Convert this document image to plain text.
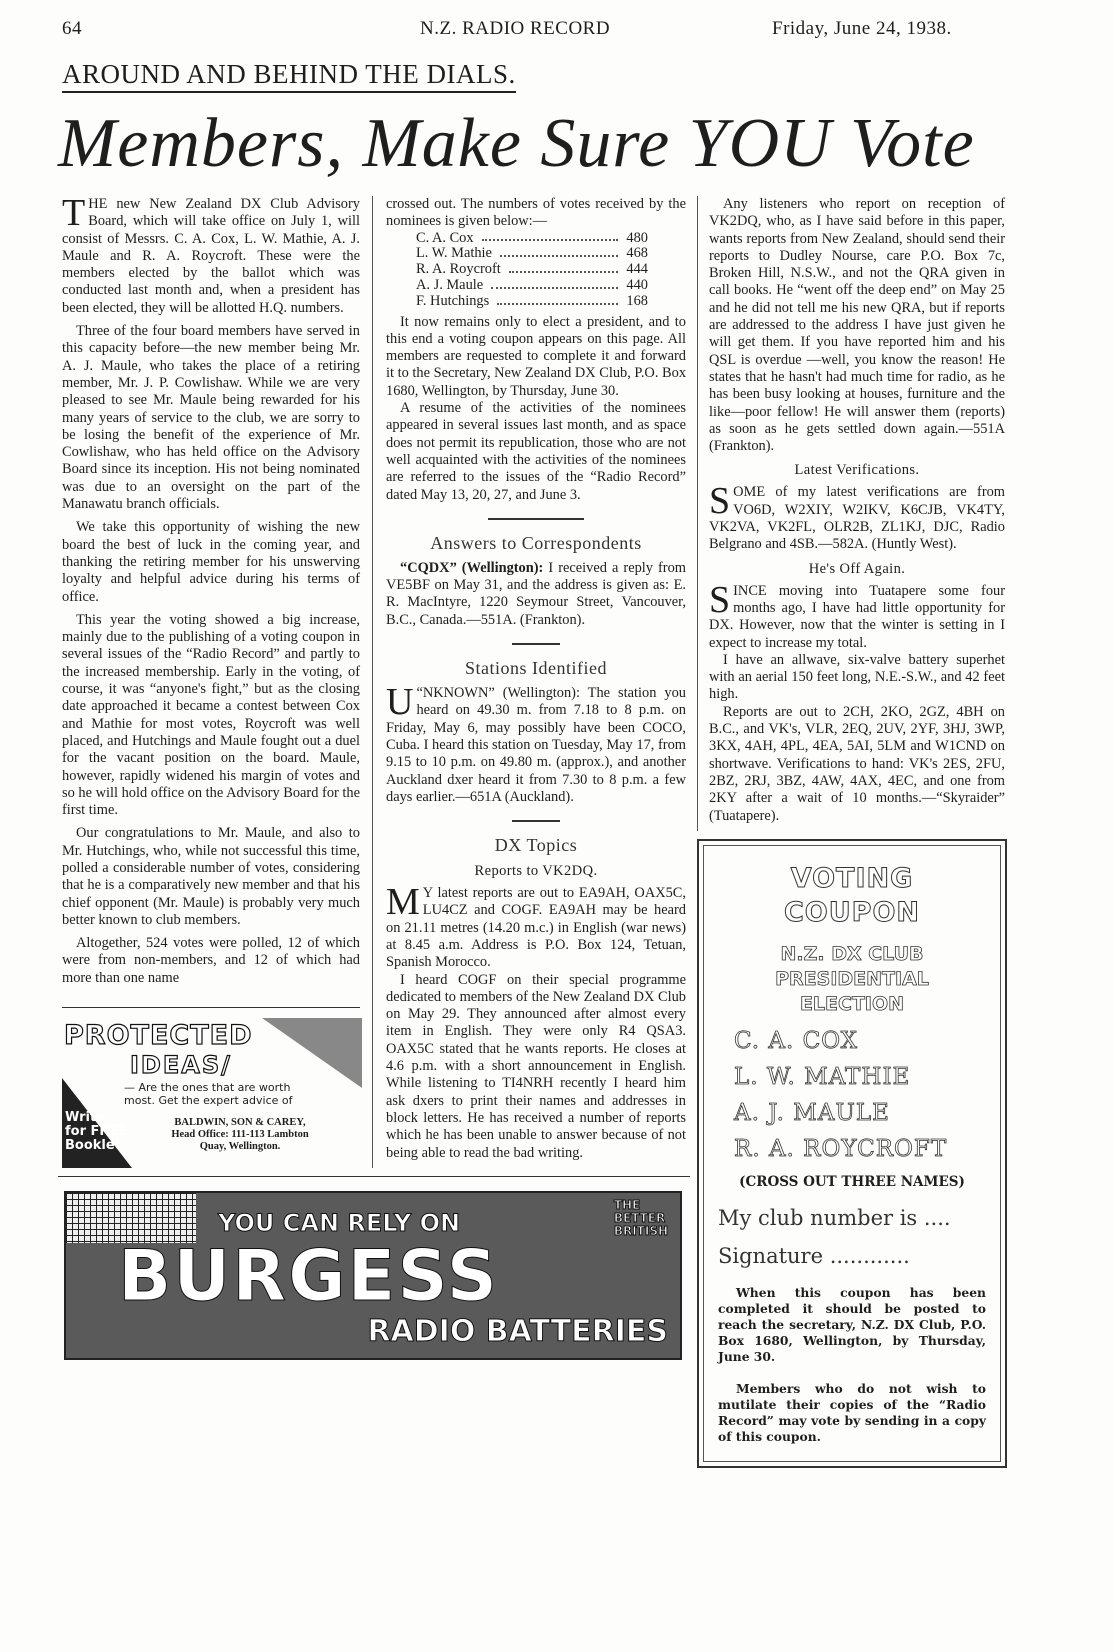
64	N.Z. RADIO RECORD	Friday, June 24, 1938.
AROUND AND BEHIND THE DIALS.
Members, Make Sure YOU Vote

THE new New Zealand DX Club Advisory Board, which will take office on July 1, will consist of Messrs. C. A. Cox, L. W. Mathie, A. J. Maule and R. A. Roycroft. These were the members elected by the ballot which was conducted last month and, when a president has been elected, they will be allotted H.Q. numbers.

Three of the four board members have served in this capacity before—the new member being Mr. A. J. Maule, who takes the place of a retiring member, Mr. J. P. Cowlishaw. While we are very pleased to see Mr. Maule being rewarded for his many years of service to the club, we are sorry to be losing the benefit of the experience of Mr. Cowlishaw, who has held office on the Advisory Board since its inception. His not being nominated was due to an oversight on the part of the Manawatu branch officials.

We take this opportunity of wishing the new board the best of luck in the coming year, and thanking the retiring member for his unswerving loyalty and helpful advice during his terms of office.

This year the voting showed a big increase, mainly due to the publishing of a voting coupon in several issues of the “Radio Record” and partly to the increased membership. Early in the voting, of course, it was “anyone's fight,” but as the closing date approached it became a contest between Cox and Mathie for most votes, Roycroft was well placed, and Hutchings and Maule fought out a duel for the vacant position on the board. Maule, however, rapidly widened his margin of votes and so he will hold office on the Advisory Board for the first time.

Our congratulations to Mr. Maule, and also to Mr. Hutchings, who, while not successful this time, polled a considerable number of votes, considering that he is a comparatively new member and that his chief opponent (Mr. Maule) is probably very much better known to club members.

Altogether, 524 votes were polled, 12 of which were from non-members, and 12 of which had more than one name

PROTECTED
IDEAS/
— Are the ones that are worth most. Get the expert advice of
Write for FREE Booklet
BALDWIN, SON & CAREY,
Head Office: 111-113 Lambton
Quay, Wellington.

crossed out. The numbers of votes received by the nominees is given below:—

C. A. Cox	480
L. W. Mathie	468
R. A. Roycroft	444
A. J. Maule	440
F. Hutchings	168

It now remains only to elect a president, and to this end a voting coupon appears on this page. All members are requested to complete it and forward it to the Secretary, New Zealand DX Club, P.O. Box 1680, Wellington, by Thursday, June 30.

A resume of the activities of the nominees appeared in several issues last month, and as space does not permit its republication, those who are not well acquainted with the activities of the nominees are referred to the issues of the “Radio Record” dated May 13, 20, 27, and June 3.

Answers to Correspondents

“CQDX” (Wellington): I received a reply from VE5BF on May 31, and the address is given as: E. R. MacIntyre, 1220 Seymour Street, Vancouver, B.C., Canada.—551A. (Frankton).

Stations Identified

U “NKNOWN” (Wellington): The station you heard on 49.30 m. from 7.18 to 8 p.m. on Friday, May 6, may possibly have been COCO, Cuba. I heard this station on Tuesday, May 17, from 9.15 to 10 p.m. on 49.80 m. (approx.), and another Auckland dxer heard it from 7.30 to 8 p.m. a few days earlier.—651A (Auckland).

DX Topics
Reports to VK2DQ.

M Y latest reports are out to EA9AH, OAX5C, LU4CZ and COGF. EA9AH may be heard on 21.11 metres (14.20 m.c.) in English (war news) at 8.45 a.m. Address is P.O. Box 124, Tetuan, Spanish Morocco.

I heard COGF on their special programme dedicated to members of the New Zealand DX Club on May 29. They announced after almost every item in English. They were only R4 QSA3. OAX5C stated that he wants reports. He closes at 4.6 p.m. with a short announcement in English. While listening to TI4NRH recently I heard him ask dxers to print their names and addresses in block letters. He has received a number of reports which he has been unable to answer because of not being able to read the bad writing.

YOU CAN RELY ON
THE
BETTER
BRITISH
BURGESS
RADIO BATTERIES

Any listeners who report on reception of VK2DQ, who, as I have said before in this paper, wants reports from New Zealand, should send their reports to Dudley Nourse, care P.O. Box 7c, Broken Hill, N.S.W., and not the QRA given in call books. He “went off the deep end” on May 25 and he did not tell me his new QRA, but if reports are addressed to the address I have just given he will get them. If you have reported him and his QSL is overdue —well, you know the reason! He states that he hasn't had much time for radio, as he has been busy looking at houses, furniture and the like—poor fellow! He will answer them (reports) as soon as he gets settled down again.—551A (Frankton).

Latest Verifications.

SOME of my latest verifications are from VO6D, W2XIY, W2IKV, K6CJB, VK4TY, VK2VA, VK2FL, OLR2B, ZL1KJ, DJC, Radio Belgrano and 4SB.—582A. (Huntly West).

He's Off Again.

SINCE moving into Tuatapere some four months ago, I have had little opportunity for DX. However, now that the winter is setting in I expect to increase my total.

I have an allwave, six-valve battery superhet with an aerial 150 feet long, N.E.-S.W., and 42 feet high.

Reports are out to 2CH, 2KO, 2GZ, 4BH on B.C., and VK's, VLR, 2EQ, 2UV, 2YF, 3HJ, 3WP, 3KX, 4AH, 4PL, 4EA, 5AI, 5LM and W1CND on shortwave. Verifications to hand: VK's 2ES, 2FU, 2BZ, 2RJ, 3BZ, 4AW, 4AX, 4EC, and one from 2KY after a wait of 10 months.—“Skyraider” (Tuatapere).

VOTING COUPON
N.Z. DX CLUB
PRESIDENTIAL
ELECTION
C. A. COX
L. W. MATHIE
A. J. MAULE
R. A. ROYCROFT
(CROSS OUT THREE NAMES)
My club number is ....
Signature ............
When this coupon has been completed it should be posted to reach the secretary, N.Z. DX Club, P.O. Box 1680, Wellington, by Thursday, June 30.
Members who do not wish to mutilate their copies of the “Radio Record” may vote by sending in a copy of this coupon.
